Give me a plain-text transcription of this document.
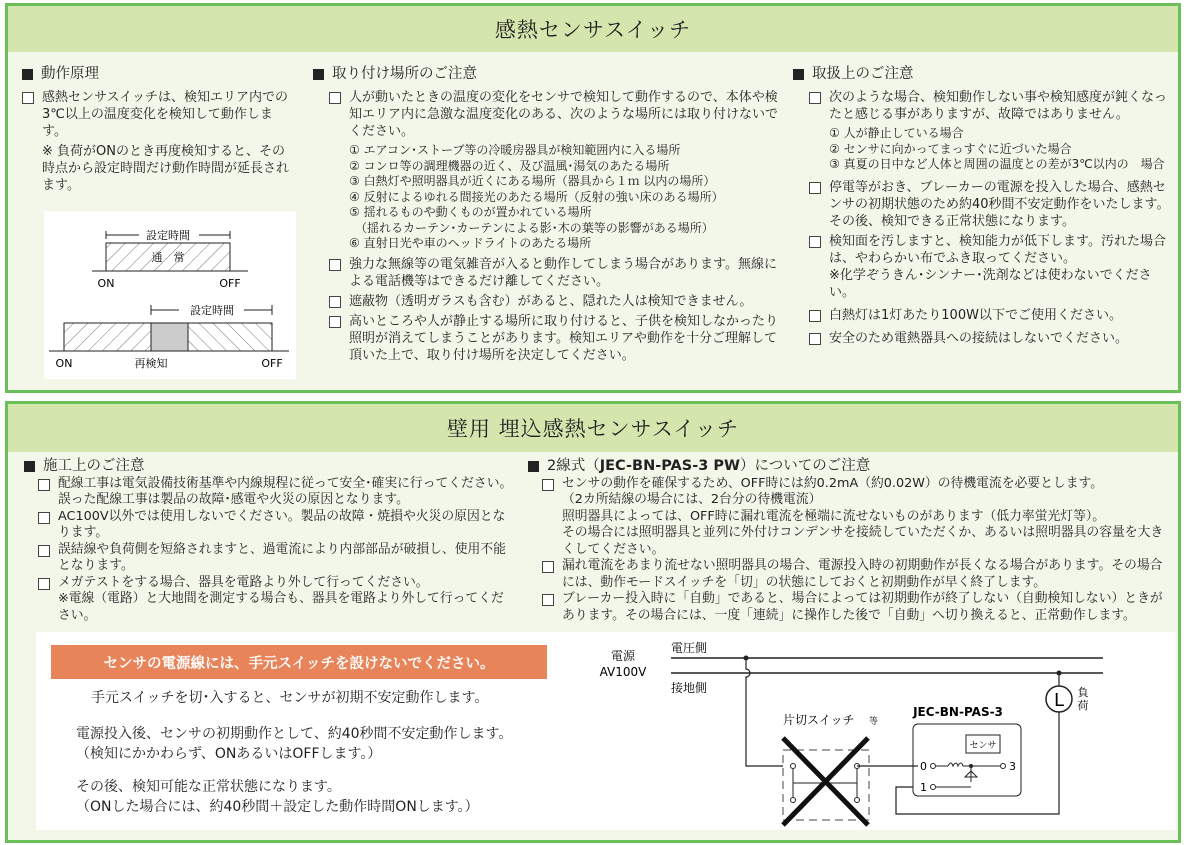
感熱センサスイッチ
動作原理
感熱センサスイッチは、検知エリア内での3℃以上の温度変化を検知して動作します。
※ 負荷がONのとき再度検知すると、その時点から設定時間だけ動作時間が延長されます。
設定時間
通　常
ON	OFF
設定時間
ON	再検知	OFF
取り付け場所のご注意
人が動いたときの温度の変化をセンサで検知して動作するので、本体や検知エリア内に急激な温度変化のある、次のような場所には取り付けないでください。
① エアコン･ストーブ等の冷暖房器具が検知範囲内に入る場所
② コンロ等の調理機器の近く、及び温風･湯気のあたる場所
③ 白熱灯や照明器具が近くにある場所（器具から１ｍ 以内の場所）
④ 反射によるゆれる間接光のあたる場所（反射の強い床のある場所）
⑤ 揺れるものや動くものが置かれている場所
　（揺れるカーテン･カーテンによる影･木の葉等の影響がある場所）
⑥ 直射日光や車のヘッドライトのあたる場所
強力な無線等の電気雑音が入ると動作してしまう場合があります。無線による電話機等はできるだけ離してください。
遮蔽物（透明ガラスも含む）があると、隠れた人は検知できません。
高いところや人が静止する場所に取り付けると、子供を検知しなかったり照明が消えてしまうことがあります。検知エリアや動作を十分ご理解して頂いた上で、取り付け場所を決定してください。
取扱上のご注意
次のような場合、検知動作しない事や検知感度が鈍くなったと感じる事がありますが、故障ではありません。
① 人が静止している場合
② センサに向かってまっすぐに近づいた場合
③ 真夏の日中など人体と周囲の温度との差が3℃以内の　場合
停電等がおき、ブレーカーの電源を投入した場合、感熱センサの初期状態のため約40秒間不安定動作をいたします。その後、検知できる正常状態になります。
検知面を汚しますと、検知能力が低下します。汚れた場合は、やわらかい布でふき取ってください。
※化学ぞうきん･シンナー･洗剤などは使わないでください。
白熱灯は1灯あたり100W以下でご使用ください。
安全のため電熱器具への接続はしないでください。
壁用 埋込感熱センサスイッチ
施工上のご注意
配線工事は電気設備技術基準や内線規程に従って安全･確実に行ってください。誤った配線工事は製品の故障･感電や火災の原因となります。
AC100V以外では使用しないでください。製品の故障・焼損や火災の原因となります。
誤結線や負荷側を短絡されますと、過電流により内部部品が破損し、使用不能となります。
メガテストをする場合、器具を電路より外して行ってください。
※電線（電路）と大地間を測定する場合も、器具を電路より外して行ってください。
2線式（ JEC-BN-PAS-3 PW ）についてのご注意
センサの動作を確保するため、OFF時には約0.2mA（約0.02W）の待機電流を必要とします。
（2カ所結線の場合には、2台分の待機電流）
照明器具によっては、OFF時に漏れ電流を極端に流せないものがあります（低力率蛍光灯等）。
その場合には照明器具と並列に外付けコンデンサを接続していただくか、あるいは照明器具の容量を大きくしてください。
漏れ電流をあまり流せない照明器具の場合、電源投入時の初期動作が長くなる場合があります。その場合には、動作モードスイッチを「切」の状態にしておくと初期動作が早く終了します。
ブレーカー投入時に「自動」であると、場合によっては初期動作が終了しない（自動検知しない）ときがあります。その場合には、一度「連続」に操作した後で「自動」へ切り換えると、正常動作します。
センサの電源線には、手元スイッチを設けないでください。
手元スイッチを切･入すると、センサが初期不安定動作します。
電源投入後、センサの初期動作として、約40秒間不安定動作します。
（検知にかかわらず、ONあるいはOFFします。）
その後、検知可能な正常状態になります。
（ONした場合には、約40秒間＋設定した動作時間ONします。）
電源
AV100V
電圧側
接地側
片切スイッチ 等
JEC-BN-PAS-3
0
1
3
センサ
L 負
荷
